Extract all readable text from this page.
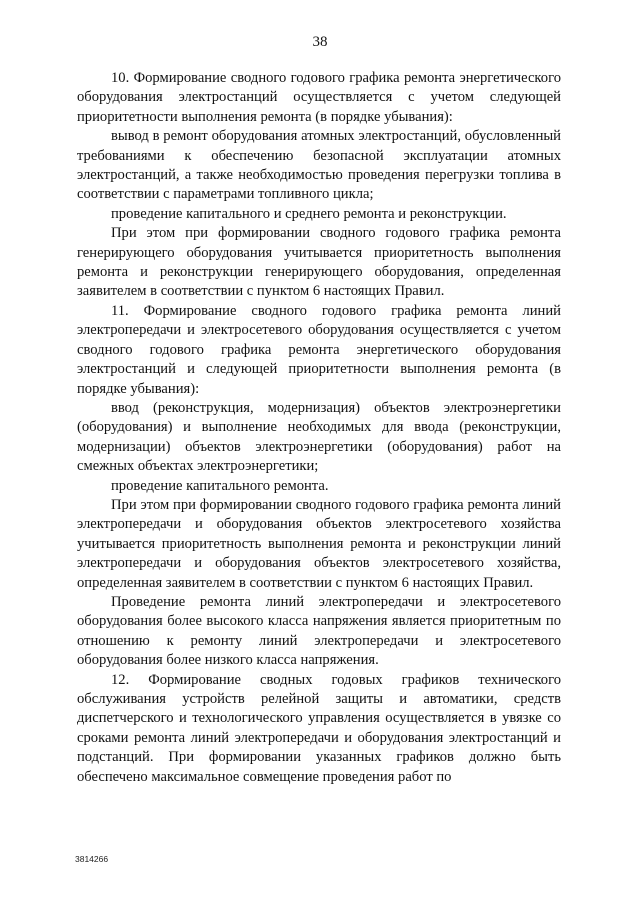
38

10. Формирование сводного годового графика ремонта энергетического оборудования электростанций осуществляется с учетом следующей приоритетности выполнения ремонта (в порядке убывания):

вывод в ремонт оборудования атомных электростанций, обусловленный требованиями к обеспечению безопасной эксплуатации атомных электростанций, а также необходимостью проведения перегрузки топлива в соответствии с параметрами топливного цикла;

проведение капитального и среднего ремонта и реконструкции.

При этом при формировании сводного годового графика ремонта генерирующего оборудования учитывается приоритетность выполнения ремонта и реконструкции генерирующего оборудования, определенная заявителем в соответствии с пунктом 6 настоящих Правил.

11. Формирование сводного годового графика ремонта линий электропередачи и электросетевого оборудования осуществляется с учетом сводного годового графика ремонта энергетического оборудования электростанций и следующей приоритетности выполнения ремонта (в порядке убывания):

ввод (реконструкция, модернизация) объектов электроэнергетики (оборудования) и выполнение необходимых для ввода (реконструкции, модернизации) объектов электроэнергетики (оборудования) работ на смежных объектах электроэнергетики;

проведение капитального ремонта.

При этом при формировании сводного годового графика ремонта линий электропередачи и оборудования объектов электросетевого хозяйства учитывается приоритетность выполнения ремонта и реконструкции линий электропередачи и оборудования объектов электросетевого хозяйства, определенная заявителем в соответствии с пунктом 6 настоящих Правил.

Проведение ремонта линий электропередачи и электросетевого оборудования более высокого класса напряжения является приоритетным по отношению к ремонту линий электропередачи и электросетевого оборудования более низкого класса напряжения.

12. Формирование сводных годовых графиков технического обслуживания устройств релейной защиты и автоматики, средств диспетчерского и технологического управления осуществляется в увязке со сроками ремонта линий электропередачи и оборудования электростанций и подстанций. При формировании указанных графиков должно быть обеспечено максимальное совмещение проведения работ по

3814266
